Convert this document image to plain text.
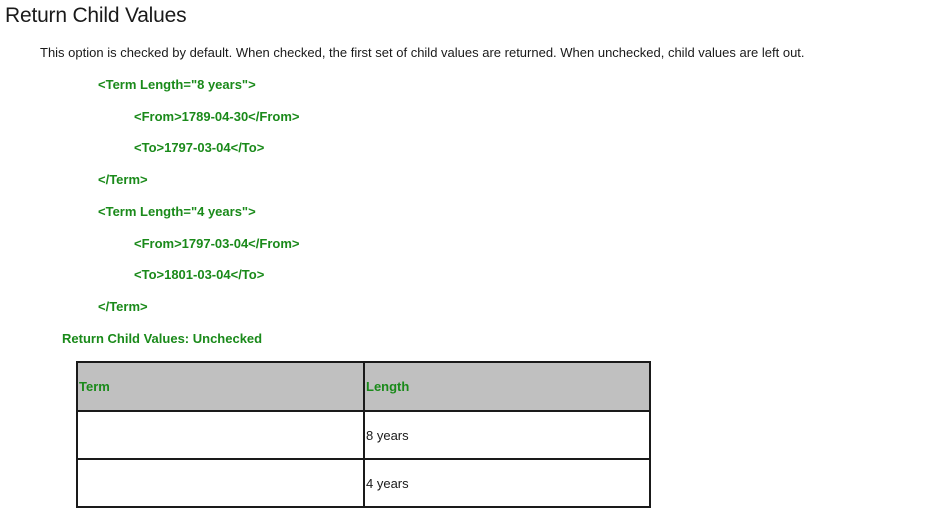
Return Child Values

This option is checked by default. When checked, the first set of child values are returned. When unchecked, child values are left out.

<Term Length="8 years">

<From>1789-04-30</From>

<To>1797-03-04</To>

</Term>

<Term Length="4 years">

<From>1797-03-04</From>

<To>1801-03-04</To>

</Term>

Return Child Values: Unchecked

Term	Length
	8 years
	4 years
